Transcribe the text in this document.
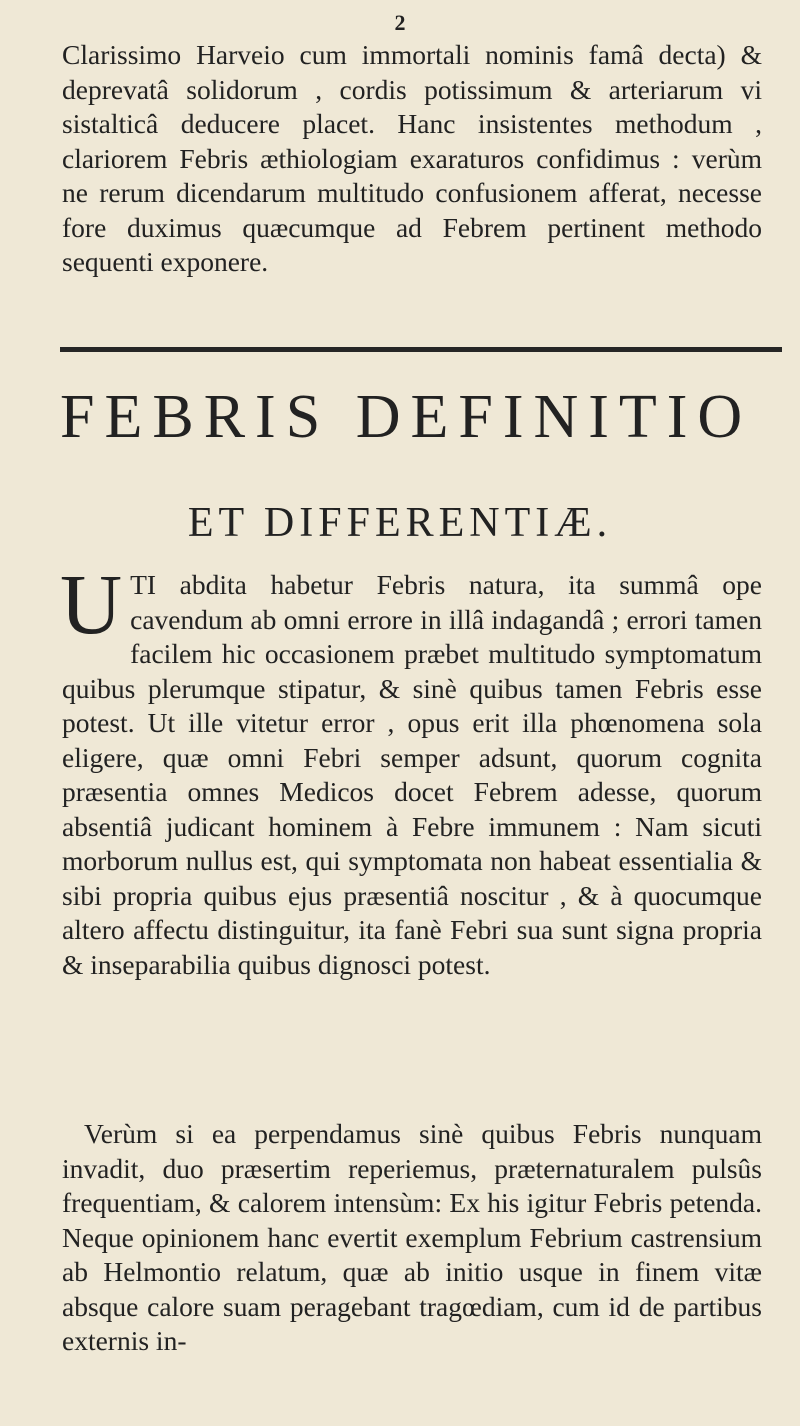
2

Clarissimo Harveio cum immortali nominis famâ decta) & deprevatâ solidorum , cordis potissimum & arteriarum vi sistalticâ deducere placet. Hanc insistentes methodum , clariorem Febris æthiologiam exaraturos confidimus : verùm ne rerum dicendarum multitudo confusionem afferat, necesse fore duximus quæcumque ad Febrem pertinent methodo sequenti exponere.

FEBRIS DEFINITIO
ET DIFFERENTIÆ.

UTI abdita habetur Febris natura, ita summâ ope cavendum ab omni errore in illâ indagandâ ; errori tamen facilem hic occasionem præbet multitudo symptomatum quibus plerumque stipatur, & sinè quibus tamen Febris esse potest. Ut ille vitetur error , opus erit illa phœnomena sola eligere, quæ omni Febri semper adsunt, quorum cognita præsentia omnes Medicos docet Febrem adesse, quorum absentiâ judicant hominem à Febre immunem : Nam sicuti morborum nullus est, qui symptomata non habeat essentialia & sibi propria quibus ejus præsentiâ noscitur , & à quocumque altero affectu distinguitur, ita fanè Febri sua sunt signa propria & inseparabilia quibus dignosci potest.

Verùm si ea perpendamus sinè quibus Febris nunquam invadit, duo præsertim reperiemus, præternaturalem pulsûs frequentiam, & calorem intensùm: Ex his igitur Febris petenda. Neque opinionem hanc evertit exemplum Febrium castrensium ab Helmontio relatum, quæ ab initio usque in finem vitæ absque calore suam peragebant tragœdiam, cum id de partibus externis in-
